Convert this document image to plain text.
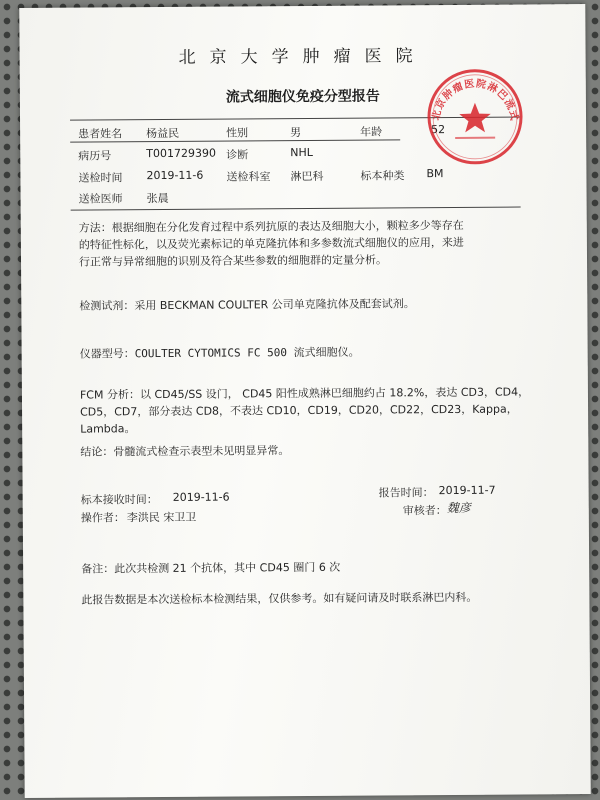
北京大学肿瘤医院
流式细胞仪免疫分型报告
患者姓名 杨益民	性别	男	年龄	52
病历号	T001729390 诊断	NHL
送检时间 2019-11-6 送检科室 淋巴科	标本种类 BM
送检医师 张晨
北京肿瘤医院淋巴流式细胞专用章
方法：根据细胞在分化发育过程中系列抗原的表达及细胞大小，颗粒多少等存在
的特征性标化，以及荧光素标记的单克隆抗体和多参数流式细胞仪的应用，来进
行正常与异常细胞的识别及符合某些参数的细胞群的定量分析。
检测试剂：采用 BECKMAN COULTER 公司单克隆抗体及配套试剂。
仪器型号：COULTER CYTOMICS FC 500 流式细胞仪。
FCM 分析：以 CD45/SS 设门， CD45 阳性成熟淋巴细胞约占 18.2%，表达 CD3，CD4，
CD5，CD7，部分表达 CD8，不表达 CD10，CD19，CD20，CD22，CD23，Kappa，Lambda。
结论：骨髓流式检查示表型未见明显异常。
标本接收时间： 2019-11-6
操作者： 李洪民 宋卫卫
报告时间： 2019-11-7
审核者： 魏彦
备注：此次共检测 21 个抗体，其中 CD45 圈门 6 次
此报告数据是本次送检标本检测结果，仅供参考。如有疑问请及时联系淋巴内科。
